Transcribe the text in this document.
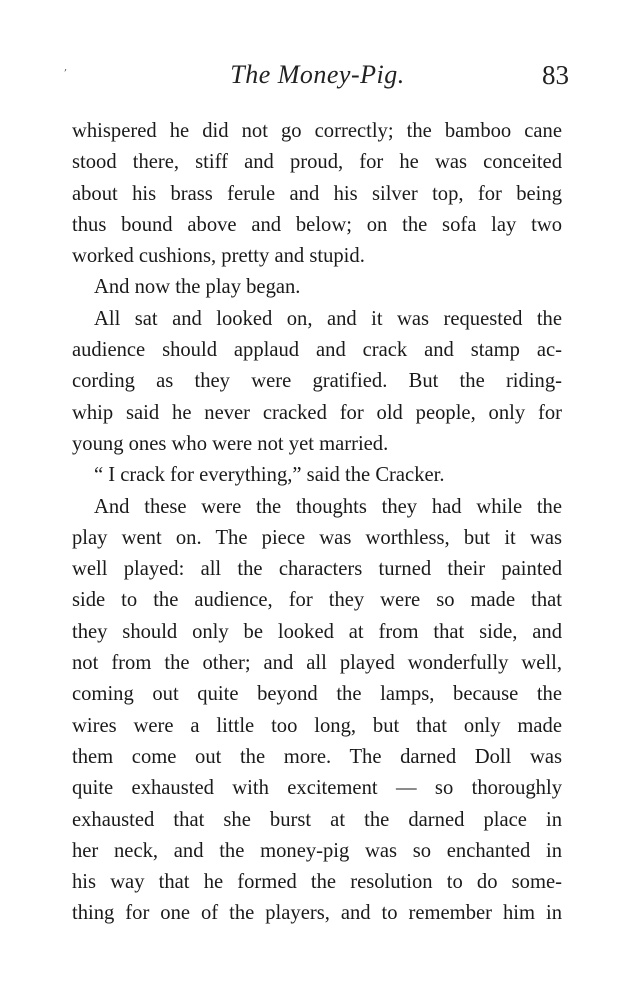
,	The Money-Pig.	83
whispered he did not go correctly; the bamboo cane
stood there, stiff and proud, for he was conceited
about his brass ferule and his silver top, for being
thus bound above and below; on the sofa lay two
worked cushions, pretty and stupid.
And now the play began.
All sat and looked on, and it was requested the
audience should applaud and crack and stamp ac-
cording as they were gratified. But the riding-
whip said he never cracked for old people, only for
young ones who were not yet married.
“ I crack for everything,” said the Cracker.
And these were the thoughts they had while the
play went on. The piece was worthless, but it was
well played: all the characters turned their painted
side to the audience, for they were so made that
they should only be looked at from that side, and
not from the other; and all played wonderfully well,
coming out quite beyond the lamps, because the
wires were a little too long, but that only made
them come out the more. The darned Doll was
quite exhausted with excitement — so thoroughly
exhausted that she burst at the darned place in
her neck, and the money-pig was so enchanted in
his way that he formed the resolution to do some-
thing for one of the players, and to remember him in
